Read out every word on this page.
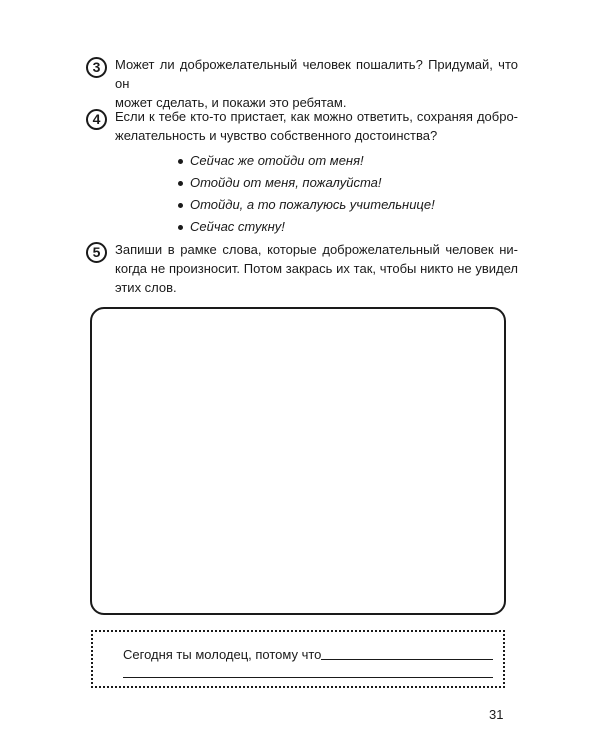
3	Может ли доброжелательный человек пошалить? Придумай, что он
может сделать, и покажи это ребятам.
4	Если к тебе кто-то пристает, как можно ответить, сохраняя добро-
желательность и чувство собственного достоинства?
Сейчас же отойди от меня!
Отойди от меня, пожалуйста!
Отойди, а то пожалуюсь учительнице!
Сейчас стукну!
5	Запиши в рамке слова, которые доброжелательный человек ни-
когда не произносит. Потом закрась их так, чтобы никто не увидел
этих слов.
Сегодня ты молодец, потому что
31
